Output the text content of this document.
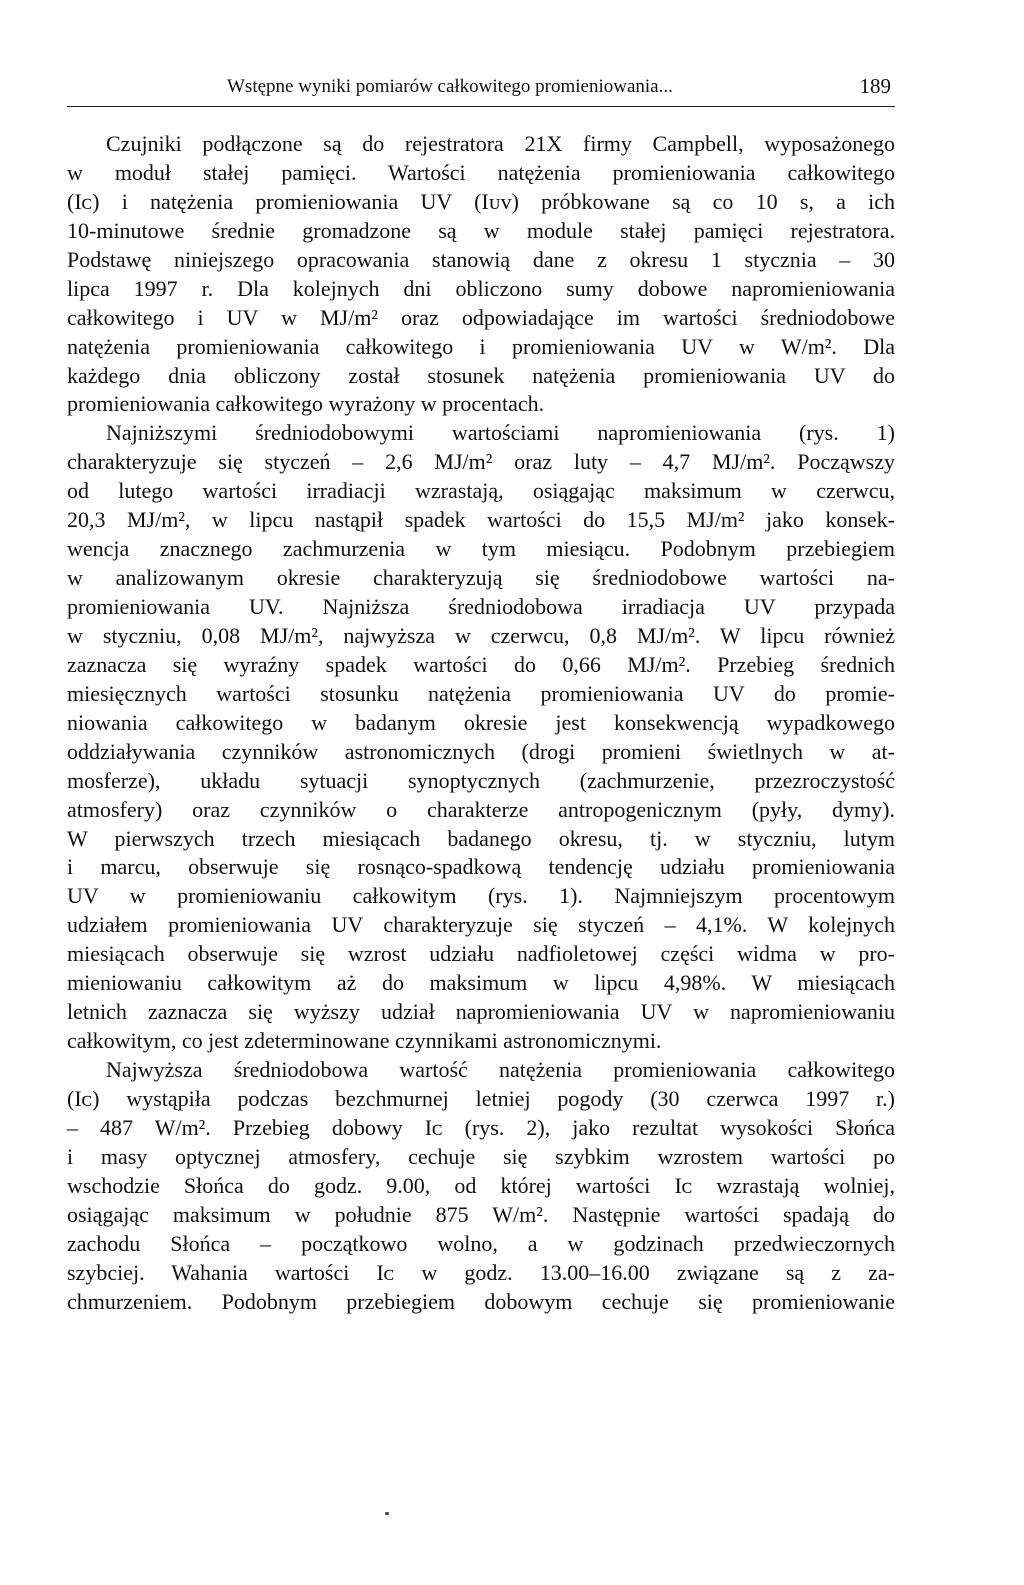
Wstępne wyniki pomiarów całkowitego promieniowania...	189
Czujniki podłączone są do rejestratora 21X firmy Campbell, wyposażonego
w moduł stałej pamięci. Wartości natężenia promieniowania całkowitego
(Iᴄ) i natężenia promieniowania UV (Iᴜᴠ) próbkowane są co 10 s, a ich
10-minutowe średnie gromadzone są w module stałej pamięci rejestratora.
Podstawę niniejszego opracowania stanowią dane z okresu 1 stycznia – 30
lipca 1997 r. Dla kolejnych dni obliczono sumy dobowe napromieniowania
całkowitego i UV w MJ/m² oraz odpowiadające im wartości średniodobowe
natężenia promieniowania całkowitego i promieniowania UV w W/m². Dla
każdego dnia obliczony został stosunek natężenia promieniowania UV do
promieniowania całkowitego wyrażony w procentach.
Najniższymi średniodobowymi wartościami napromieniowania (rys. 1)
charakteryzuje się styczeń – 2,6 MJ/m² oraz luty – 4,7 MJ/m². Począwszy
od lutego wartości irradiacji wzrastają, osiągając maksimum w czerwcu,
20,3 MJ/m², w lipcu nastąpił spadek wartości do 15,5 MJ/m² jako konsek-
wencja znacznego zachmurzenia w tym miesiącu. Podobnym przebiegiem
w analizowanym okresie charakteryzują się średniodobowe wartości na-
promieniowania UV. Najniższa średniodobowa irradiacja UV przypada
w styczniu, 0,08 MJ/m², najwyższa w czerwcu, 0,8 MJ/m². W lipcu również
zaznacza się wyraźny spadek wartości do 0,66 MJ/m². Przebieg średnich
miesięcznych wartości stosunku natężenia promieniowania UV do promie-
niowania całkowitego w badanym okresie jest konsekwencją wypadkowego
oddziaływania czynników astronomicznych (drogi promieni świetlnych w at-
mosferze), układu sytuacji synoptycznych (zachmurzenie, przezroczystość
atmosfery) oraz czynników o charakterze antropogenicznym (pyły, dymy).
W pierwszych trzech miesiącach badanego okresu, tj. w styczniu, lutym
i marcu, obserwuje się rosnąco-spadkową tendencję udziału promieniowania
UV w promieniowaniu całkowitym (rys. 1). Najmniejszym procentowym
udziałem promieniowania UV charakteryzuje się styczeń – 4,1%. W kolejnych
miesiącach obserwuje się wzrost udziału nadfioletowej części widma w pro-
mieniowaniu całkowitym aż do maksimum w lipcu 4,98%. W miesiącach
letnich zaznacza się wyższy udział napromieniowania UV w napromieniowaniu
całkowitym, co jest zdeterminowane czynnikami astronomicznymi.
Najwyższa średniodobowa wartość natężenia promieniowania całkowitego
(Iᴄ) wystąpiła podczas bezchmurnej letniej pogody (30 czerwca 1997 r.)
– 487 W/m². Przebieg dobowy Iᴄ (rys. 2), jako rezultat wysokości Słońca
i masy optycznej atmosfery, cechuje się szybkim wzrostem wartości po
wschodzie Słońca do godz. 9.00, od której wartości Iᴄ wzrastają wolniej,
osiągając maksimum w południe 875 W/m². Następnie wartości spadają do
zachodu Słońca – początkowo wolno, a w godzinach przedwieczornych
szybciej. Wahania wartości Iᴄ w godz. 13.00–16.00 związane są z za-
chmurzeniem. Podobnym przebiegiem dobowym cechuje się promieniowanie
